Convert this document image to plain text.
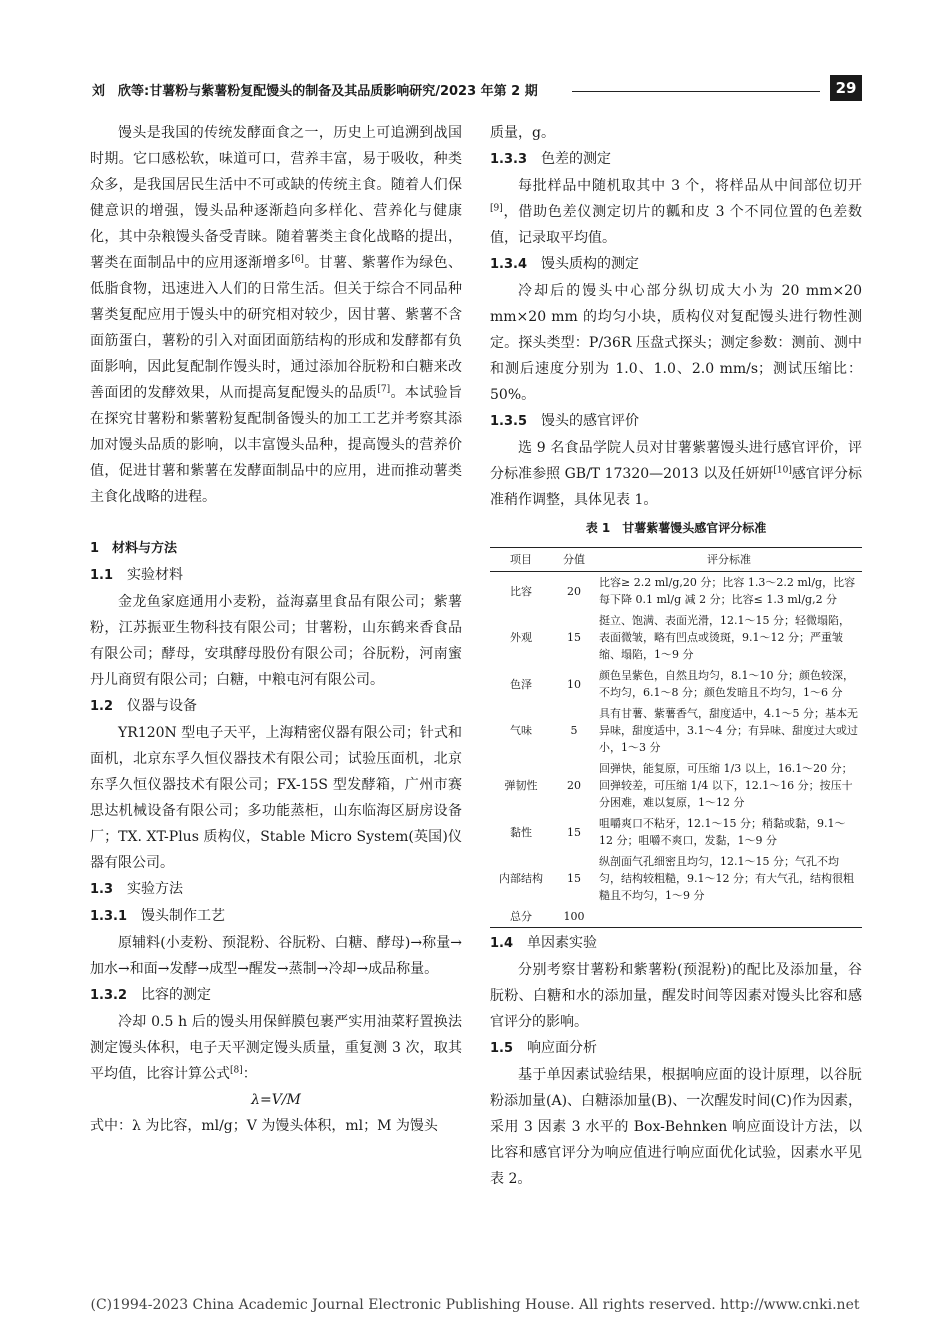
刘　欣等:甘薯粉与紫薯粉复配馒头的制备及其品质影响研究/2023 年第 2 期	29

馒头是我国的传统发酵面食之一，历史上可追溯到战国时期。它口感松软，味道可口，营养丰富，易于吸收，种类众多，是我国居民生活中不可或缺的传统主食。随着人们保健意识的增强，馒头品种逐渐趋向多样化、营养化与健康化，其中杂粮馒头备受青睐。随着薯类主食化战略的提出，薯类在面制品中的应用逐渐增多[6]。甘薯、紫薯作为绿色、低脂食物，迅速进入人们的日常生活。但关于综合不同品种薯类复配应用于馒头中的研究相对较少，因甘薯、紫薯不含面筋蛋白，薯粉的引入对面团面筋结构的形成和发酵都有负面影响，因此复配制作馒头时，通过添加谷朊粉和白糖来改善面团的发酵效果，从而提高复配馒头的品质[7]。本试验旨在探究甘薯粉和紫薯粉复配制备馒头的加工工艺并考察其添加对馒头品质的影响，以丰富馒头品种，提高馒头的营养价值，促进甘薯和紫薯在发酵面制品中的应用，进而推动薯类主食化战略的进程。

1　材料与方法

1.1 实验材料

金龙鱼家庭通用小麦粉，益海嘉里食品有限公司；紫薯粉，江苏振亚生物科技有限公司；甘薯粉，山东鹤来香食品有限公司；酵母，安琪酵母股份有限公司；谷朊粉，河南蜜丹儿商贸有限公司；白糖，中粮屯河有限公司。

1.2 仪器与设备

YR120N 型电子天平，上海精密仪器有限公司；针式和面机，北京东孚久恒仪器技术有限公司；试验压面机，北京东孚久恒仪器技术有限公司；FX-15S 型发酵箱，广州市赛思达机械设备有限公司；多功能蒸柜，山东临海区厨房设备厂；TX. XT-Plus 质构仪，Stable Micro System(英国)仪器有限公司。

1.3 实验方法

1.3.1 馒头制作工艺

原辅料(小麦粉、预混粉、谷朊粉、白糖、酵母)→称量→加水→和面→发酵→成型→醒发→蒸制→冷却→成品称量。

1.3.2 比容的测定

冷却 0.5 h 后的馒头用保鲜膜包裹严实用油菜籽置换法测定馒头体积，电子天平测定馒头质量，重复测 3 次，取其平均值，比容计算公式[8]：

λ=V/M

式中：λ 为比容，ml/g；V 为馒头体积，ml；M 为馒头

质量，g。

1.3.3 色差的测定

每批样品中随机取其中 3 个，将样品从中间部位切开[9]，借助色差仪测定切片的瓤和皮 3 个不同位置的色差数值，记录取平均值。

1.3.4 馒头质构的测定

冷却后的馒头中心部分纵切成大小为 20 mm×20 mm×20 mm 的均匀小块，质构仪对复配馒头进行物性测定。探头类型：P/36R 压盘式探头；测定参数：测前、测中和测后速度分别为 1.0、1.0、2.0 mm/s；测试压缩比：50%。

1.3.5 馒头的感官评价

选 9 名食品学院人员对甘薯紫薯馒头进行感官评价，评分标准参照 GB/T 17320—2013 以及任妍妍[10]感官评分标准稍作调整，具体见表 1。

表 1　甘薯紫薯馒头感官评分标准
项目	分值	评分标准
比容	20	比容≥ 2.2 ml/g,20 分；比容 1.3～2.2 ml/g，比容每下降 0.1 ml/g 减 2 分；比容≤ 1.3 ml/g,2 分
外观	15	挺立、饱满、表面光滑，12.1～15 分；轻微塌陷，表面微皱，略有凹点或烫斑，9.1～12 分；严重皱缩、塌陷，1～9 分
色泽	10	颜色呈紫色，自然且均匀，8.1～10 分；颜色较深，不均匀，6.1～8 分；颜色发暗且不均匀，1～6 分
气味	5	具有甘薯、紫薯香气，甜度适中，4.1～5 分；基本无异味，甜度适中，3.1～4 分；有异味、甜度过大或过小，1～3 分
弹韧性	20	回弹快，能复原，可压缩 1/3 以上，16.1～20 分；回弹较差，可压缩 1/4 以下，12.1～16 分；按压十分困难，难以复原，1～12 分
黏性	15	咀嚼爽口不粘牙，12.1～15 分；稍黏或黏，9.1～12 分；咀嚼不爽口，发黏，1～9 分
内部结构	15	纵剖面气孔细密且均匀，12.1～15 分；气孔不均匀，结构较粗糙，9.1～12 分；有大气孔，结构很粗糙且不均匀，1～9 分
总分	100	

1.4 单因素实验

分别考察甘薯粉和紫薯粉(预混粉)的配比及添加量，谷朊粉、白糖和水的添加量，醒发时间等因素对馒头比容和感官评分的影响。

1.5 响应面分析

基于单因素试验结果，根据响应面的设计原理，以谷朊粉添加量(A)、白糖添加量(B)、一次醒发时间(C)作为因素，采用 3 因素 3 水平的 Box-Behnken 响应面设计方法，以比容和感官评分为响应值进行响应面优化试验，因素水平见表 2。

(C)1994-2023 China Academic Journal Electronic Publishing House. All rights reserved. http://www.cnki.net
